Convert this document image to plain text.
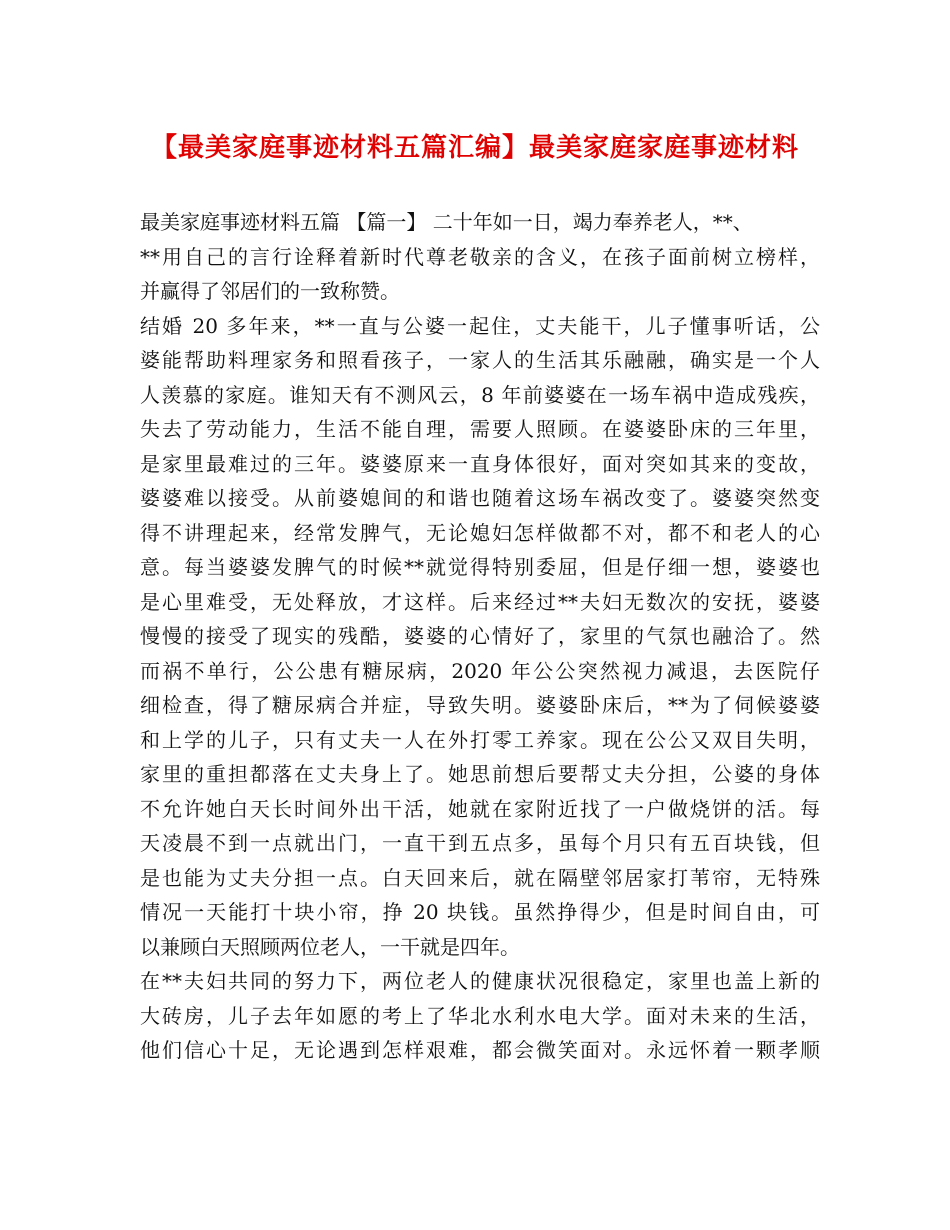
【最美家庭事迹材料五篇汇编】最美家庭家庭事迹材料
最美家庭事迹材料五篇 【篇一】 二十年如一日，竭力奉养老人，**、
**用自己的言行诠释着新时代尊老敬亲的含义，在孩子面前树立榜样，
并赢得了邻居们的一致称赞。
结婚 20 多年来，**一直与公婆一起住，丈夫能干，儿子懂事听话，公
婆能帮助料理家务和照看孩子，一家人的生活其乐融融，确实是一个人
人羡慕的家庭。谁知天有不测风云，8 年前婆婆在一场车祸中造成残疾，
失去了劳动能力，生活不能自理，需要人照顾。在婆婆卧床的三年里，
是家里最难过的三年。婆婆原来一直身体很好，面对突如其来的变故，
婆婆难以接受。从前婆媳间的和谐也随着这场车祸改变了。婆婆突然变
得不讲理起来，经常发脾气，无论媳妇怎样做都不对，都不和老人的心
意。每当婆婆发脾气的时候**就觉得特别委屈，但是仔细一想，婆婆也
是心里难受，无处释放，才这样。后来经过**夫妇无数次的安抚，婆婆
慢慢的接受了现实的残酷，婆婆的心情好了，家里的气氛也融洽了。然
而祸不单行，公公患有糖尿病，2020 年公公突然视力减退，去医院仔
细检查，得了糖尿病合并症，导致失明。婆婆卧床后，**为了伺候婆婆
和上学的儿子，只有丈夫一人在外打零工养家。现在公公又双目失明，
家里的重担都落在丈夫身上了。她思前想后要帮丈夫分担，公婆的身体
不允许她白天长时间外出干活，她就在家附近找了一户做烧饼的活。每
天凌晨不到一点就出门，一直干到五点多，虽每个月只有五百块钱，但
是也能为丈夫分担一点。白天回来后，就在隔壁邻居家打苇帘，无特殊
情况一天能打十块小帘，挣 20 块钱。虽然挣得少，但是时间自由，可
以兼顾白天照顾两位老人，一干就是四年。
在**夫妇共同的努力下，两位老人的健康状况很稳定，家里也盖上新的
大砖房，儿子去年如愿的考上了华北水利水电大学。面对未来的生活，
他们信心十足，无论遇到怎样艰难，都会微笑面对。永远怀着一颗孝顺
